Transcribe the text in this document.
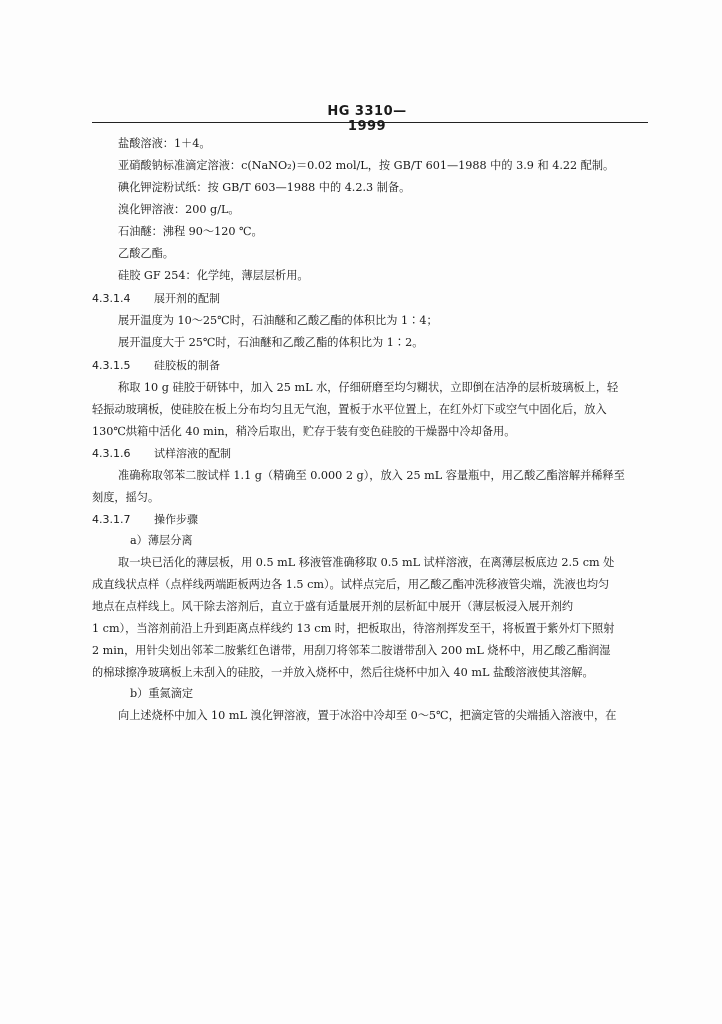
HG 3310—1999
盐酸溶液：1＋4。
亚硝酸钠标准滴定溶液：c(NaNO₂)＝0.02 mol/L，按 GB/T 601—1988 中的 3.9 和 4.22 配制。
碘化钾淀粉试纸：按 GB/T 603—1988 中的 4.2.3 制备。
溴化钾溶液：200 g/L。
石油醚：沸程 90～120 ℃。
乙酸乙酯。
硅胶 GF 254：化学纯，薄层层析用。
4.3.1.4 展开剂的配制
展开温度为 10～25℃时，石油醚和乙酸乙酯的体积比为 1∶4；
展开温度大于 25℃时，石油醚和乙酸乙酯的体积比为 1∶2。
4.3.1.5 硅胶板的制备
称取 10 g 硅胶于研钵中，加入 25 mL 水，仔细研磨至均匀糊状，立即倒在洁净的层析玻璃板上，轻
轻振动玻璃板，使硅胶在板上分布均匀且无气泡，置板于水平位置上，在红外灯下或空气中固化后，放入
130℃烘箱中活化 40 min，稍冷后取出，贮存于装有变色硅胶的干燥器中冷却备用。
4.3.1.6 试样溶液的配制
准确称取邻苯二胺试样 1.1 g（精确至 0.000 2 g），放入 25 mL 容量瓶中，用乙酸乙酯溶解并稀释至
刻度，摇匀。
4.3.1.7 操作步骤
a）薄层分离
取一块已活化的薄层板，用 0.5 mL 移液管准确移取 0.5 mL 试样溶液，在离薄层板底边 2.5 cm 处
成直线状点样（点样线两端距板两边各 1.5 cm）。试样点完后，用乙酸乙酯冲洗移液管尖端，洗液也均匀
地点在点样线上。风干除去溶剂后，直立于盛有适量展开剂的层析缸中展开（薄层板浸入展开剂约
1 cm），当溶剂前沿上升到距离点样线约 13 cm 时，把板取出，待溶剂挥发至干，将板置于紫外灯下照射
2 min，用针尖划出邻苯二胺紫红色谱带，用刮刀将邻苯二胺谱带刮入 200 mL 烧杯中，用乙酸乙酯润湿
的棉球擦净玻璃板上未刮入的硅胶，一并放入烧杯中，然后往烧杯中加入 40 mL 盐酸溶液使其溶解。
b）重氮滴定
向上述烧杯中加入 10 mL 溴化钾溶液，置于冰浴中冷却至 0～5℃，把滴定管的尖端插入溶液中，在
